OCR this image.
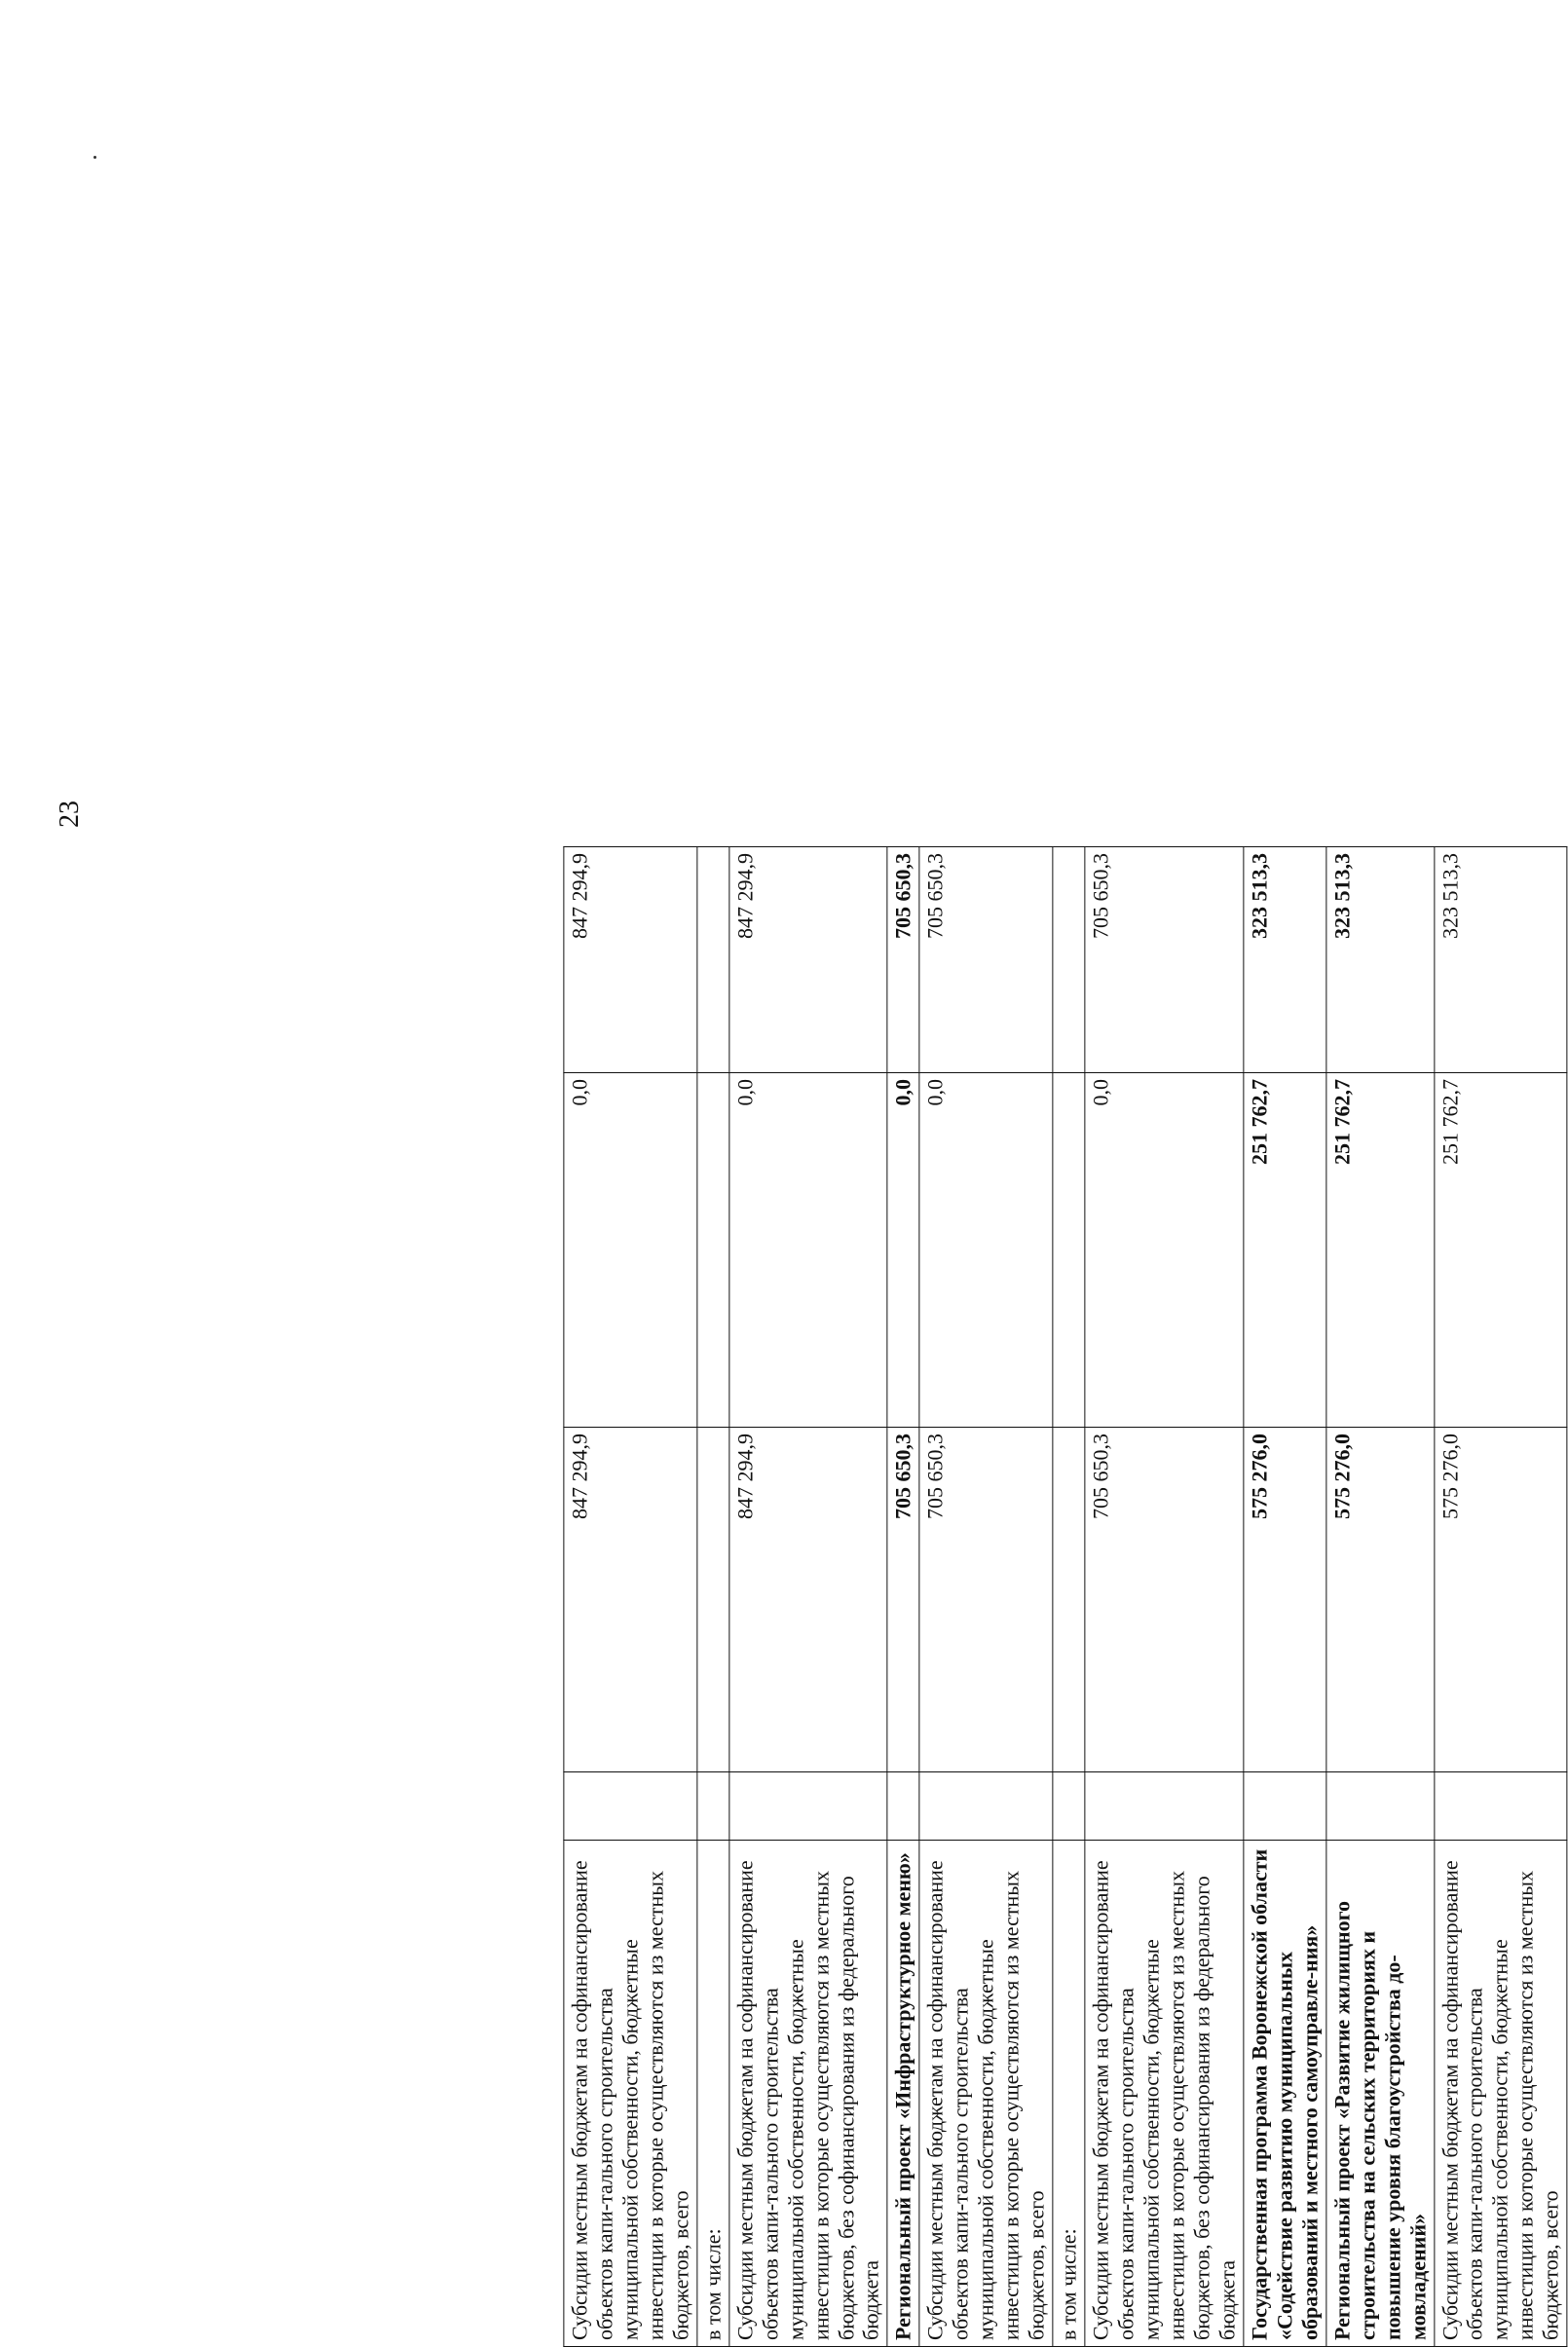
23
Субсидии местным бюджетам на софинансирование объектов капи-тального строительства муниципальной собственности, бюджетные инвестиции в которые осуществляются из местных бюджетов, всего		847 294,9	0,0	847 294,9
в том числе:				
Субсидии местным бюджетам на софинансирование объектов капи-тального строительства муниципальной собственности, бюджетные инвестиции в которые осуществляются из местных бюджетов, без софинансирования из федерального бюджета		847 294,9	0,0	847 294,9
Региональный проект «Инфраструктурное меню»		705 650,3	0,0	705 650,3
Субсидии местным бюджетам на софинансирование объектов капи-тального строительства муниципальной собственности, бюджетные инвестиции в которые осуществляются из местных бюджетов, всего		705 650,3	0,0	705 650,3
в том числе:				
Субсидии местным бюджетам на софинансирование объектов капи-тального строительства муниципальной собственности, бюджетные инвестиции в которые осуществляются из местных бюджетов, без софинансирования из федерального бюджета		705 650,3	0,0	705 650,3
Государственная программа Воронежской области «Содействие развитию муниципальных образований и местного самоуправле-ния»		575 276,0	251 762,7	323 513,3
Региональный проект «Развитие жилищного строительства на сельских территориях и повышение уровня благоустройства до-мовладений»		575 276,0	251 762,7	323 513,3
Субсидии местным бюджетам на софинансирование объектов капи-тального строительства муниципальной собственности, бюджетные инвестиции в которые осуществляются из местных бюджетов, всего		575 276,0	251 762,7	323 513,3
